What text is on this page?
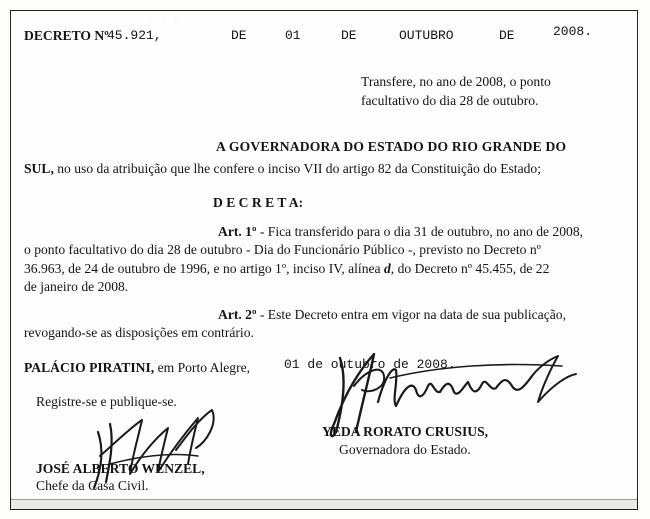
· · ·
DECRETO Nº
45.921,	DE	01	DE	OUTUBRO	DE	2008.
Transfere, no ano de 2008, o ponto
facultativo do dia 28 de outubro.
A GOVERNADORA DO ESTADO DO RIO GRANDE DO
SUL, no uso da atribuição que lhe confere o inciso VII do artigo 82 da Constituição do Estado;
D E C R E T A:
Art. 1º - Fica transferido para o dia 31 de outubro, no ano de 2008,
o ponto facultativo do dia 28 de outubro - Dia do Funcionário Público -, previsto no Decreto nº
36.963, de 24 de outubro de 1996, e no artigo 1º, inciso IV, alínea d, do Decreto nº 45.455, de 22
de janeiro de 2008.
Art. 2º - Este Decreto entra em vigor na data de sua publicação,
revogando-se as disposições em contrário.
PALÁCIO PIRATINI, em Porto Alegre,	01 de outubro de 2008.
Registre-se e publique-se.
YEDA RORATO CRUSIUS,
Governadora do Estado.
JOSÉ ALBERTO WENZEL,
Chefe da Casa Civil.
